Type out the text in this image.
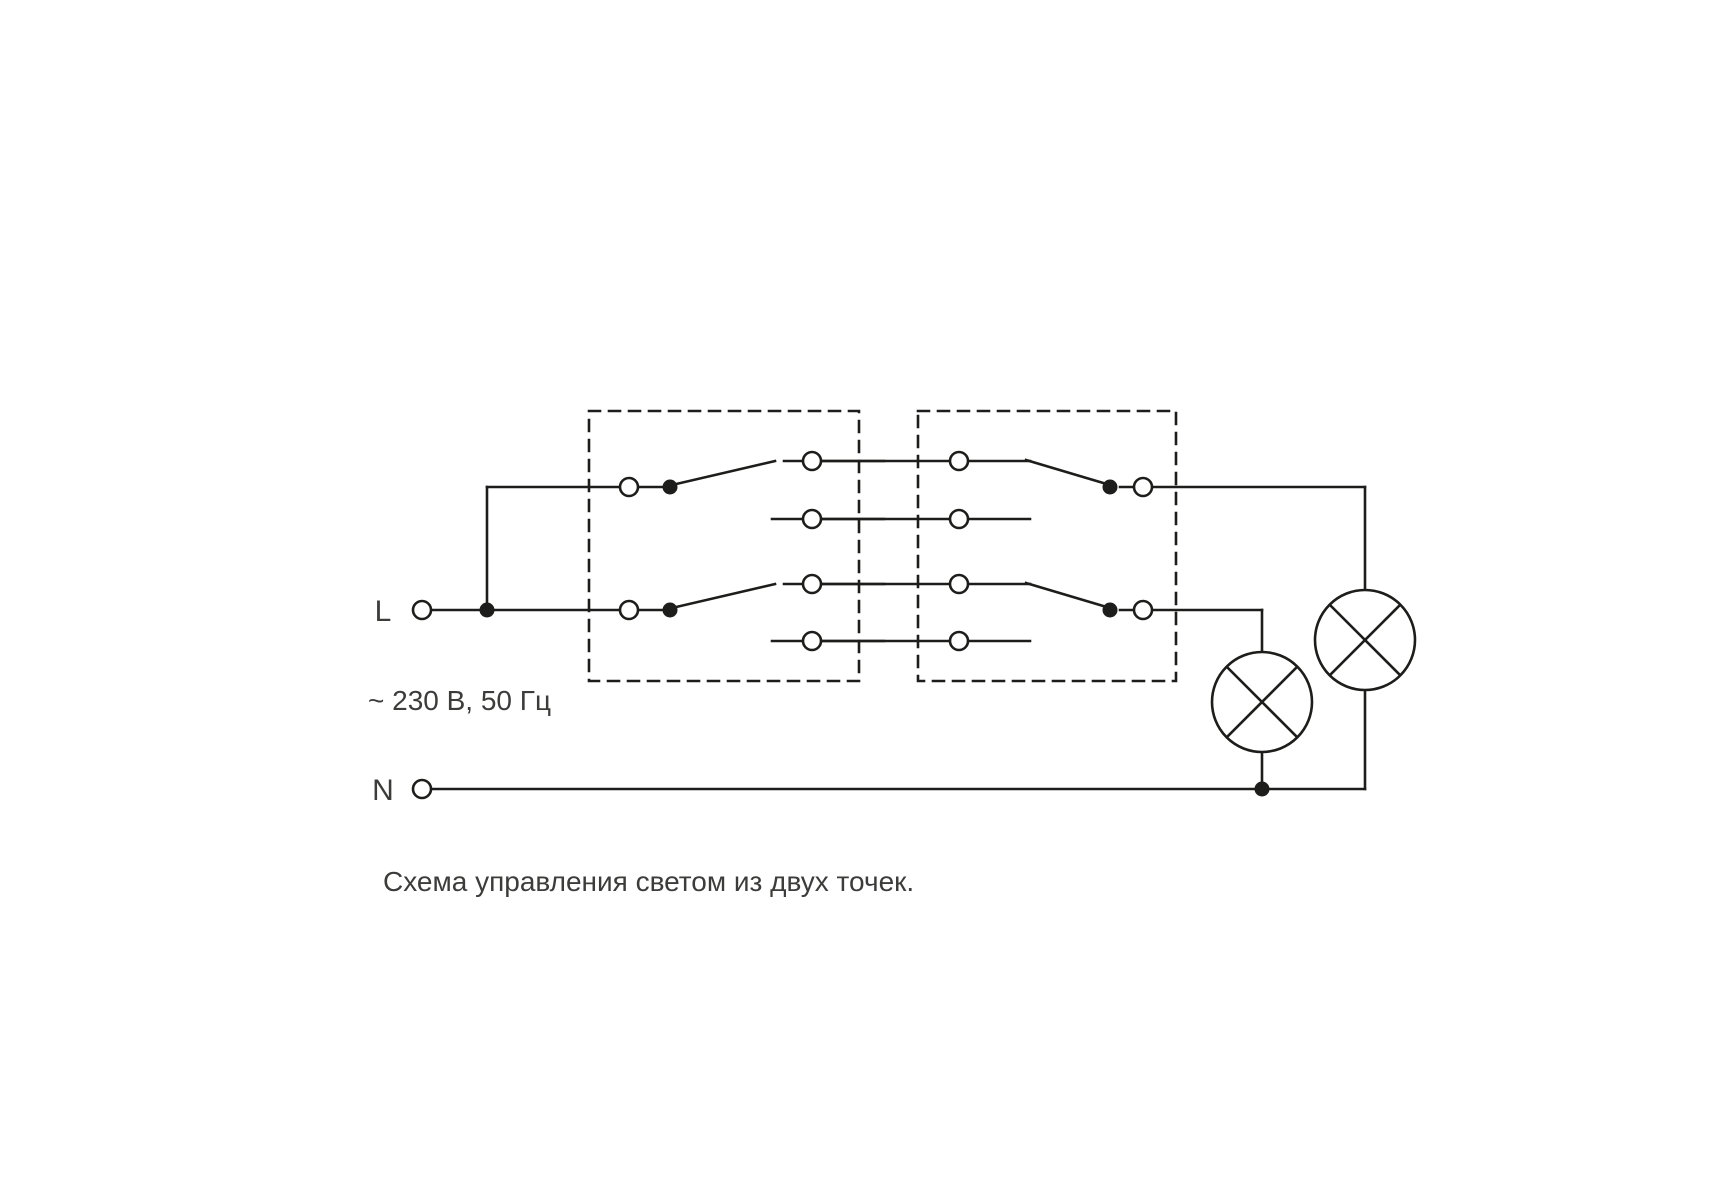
L
N
~ 230 В, 50 Гц
Схема управления светом из двух точек.
